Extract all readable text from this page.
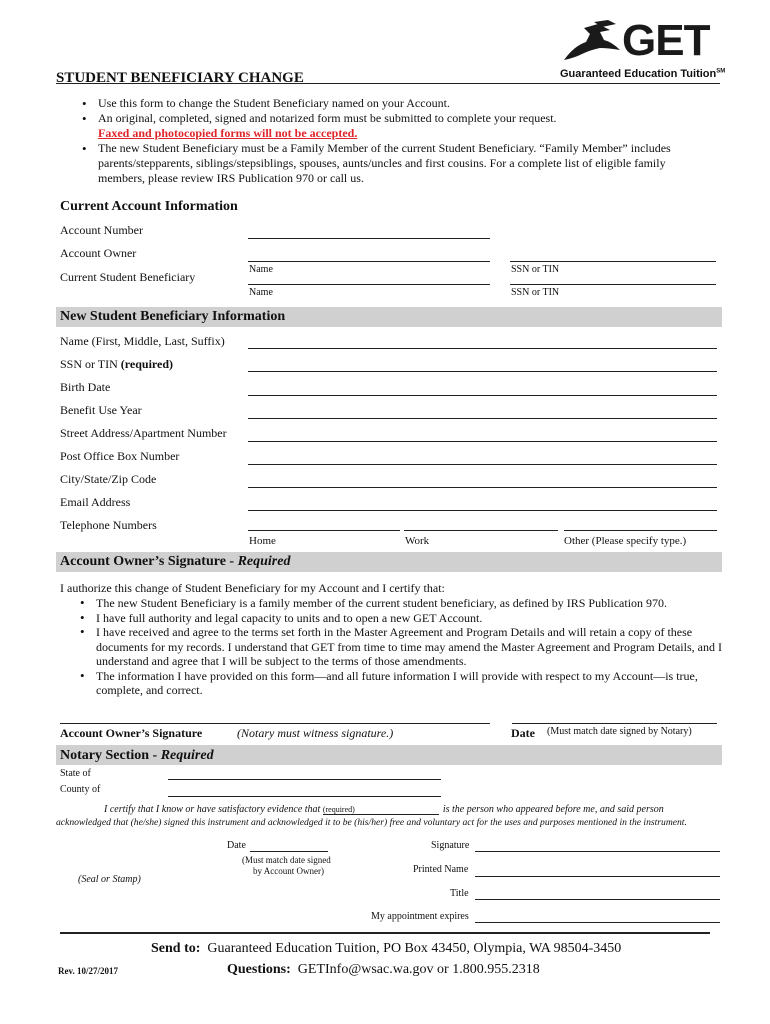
GET
Guaranteed Education Tuition℠
STUDENT BENEFICIARY CHANGE
• Use this form to change the Student Beneficiary named on your Account.
• An original, completed, signed and notarized form must be submitted to complete your request.
Faxed and photocopied forms will not be accepted.
• The new Student Beneficiary must be a Family Member of the current Student Beneficiary. “Family Member” includes parents/stepparents, siblings/stepsiblings, spouses, aunts/uncles and first cousins. For a complete list of eligible family members, please review IRS Publication 970 or call us.
Current Account Information
Account Number
Account Owner
Name	SSN or TIN
Current Student Beneficiary
Name	SSN or TIN
New Student Beneficiary Information
Name (First, Middle, Last, Suffix)
SSN or TIN (required)
Birth Date
Benefit Use Year
Street Address/Apartment Number
Post Office Box Number
City/State/Zip Code
Email Address
Telephone Numbers
Home	Work	Other (Please specify type.)
Account Owner’s Signature - Required
I authorize this change of Student Beneficiary for my Account and I certify that:
• The new Student Beneficiary is a family member of the current student beneficiary, as defined by IRS Publication 970.
• I have full authority and legal capacity to units and to open a new GET Account.
• I have received and agree to the terms set forth in the Master Agreement and Program Details and will retain a copy of these documents for my records. I understand that GET from time to time may amend the Master Agreement and Program Details, and I understand and agree that I will be subject to the terms of those amendments.
• The information I have provided on this form—and all future information I will provide with respect to my Account—is true, complete, and correct.
Account Owner’s Signature	(Notary must witness signature.)	Date (Must match date signed by Notary)
Notary Section - Required
State of
County of
I certify that I know or have satisfactory evidence that (required)	is the person who appeared before me, and said person
acknowledged that (he/she) signed this instrument and acknowledged it to be (his/her) free and voluntary act for the uses and purposes mentioned in the instrument.
Date
(Must match date signed
by Account Owner)
(Seal or Stamp)
Signature
Printed Name
Title
My appointment expires
Send to: Guaranteed Education Tuition, PO Box 43450, Olympia, WA 98504-3450
Rev. 10/27/2017	Questions: GETInfo@wsac.wa.gov or 1.800.955.2318
